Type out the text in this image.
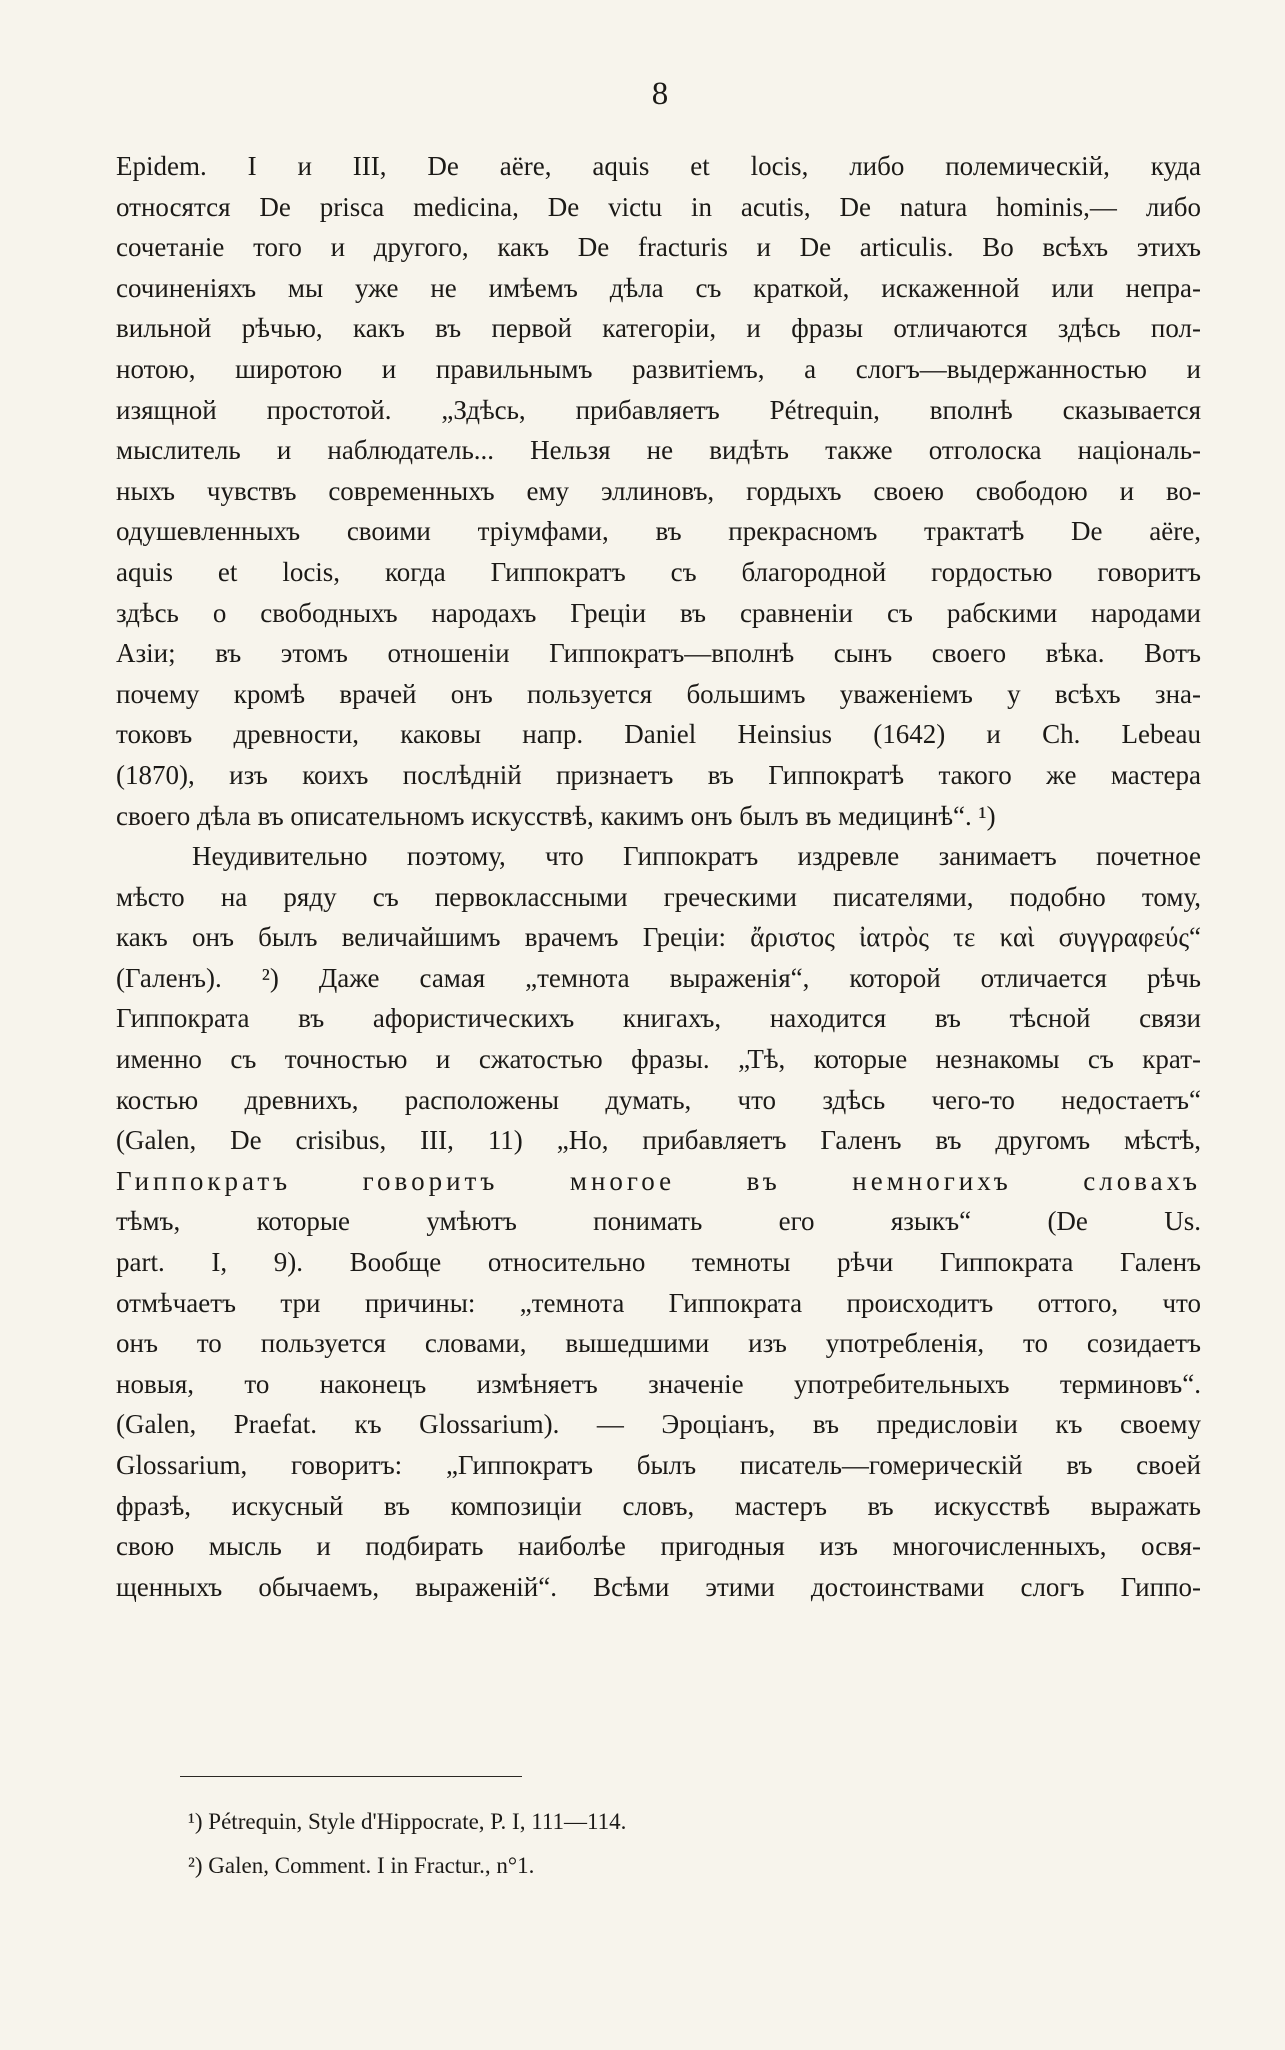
8
Epidem. I и III, De aëre, aquis et locis, либо полемическій, куда
относятся De prisca medicina, De victu in acutis, De natura hominis,— либо
сочетаніе того и другого, какъ De fracturis и De articulis. Во всѣхъ этихъ
сочиненіяхъ мы уже не имѣемъ дѣла съ краткой, искаженной или непра-
вильной рѣчью, какъ въ первой категоріи, и фразы отличаются здѣсь пол-
нотою, широтою и правильнымъ развитіемъ, а слогъ—выдержанностью и
изящной простотой. „Здѣсь, прибавляетъ Pétrequin, вполнѣ сказывается
мыслитель и наблюдатель... Нельзя не видѣть также отголоска національ-
ныхъ чувствъ современныхъ ему эллиновъ, гордыхъ своею свободою и во-
одушевленныхъ своими тріумфами, въ прекрасномъ трактатѣ De aëre,
aquis et locis, когда Гиппократъ съ благородной гордостью говоритъ
здѣсь о свободныхъ народахъ Греціи въ сравненіи съ рабскими народами
Азіи; въ этомъ отношеніи Гиппократъ—вполнѣ сынъ своего вѣка. Вотъ
почему кромѣ врачей онъ пользуется большимъ уваженіемъ у всѣхъ зна-
токовъ древности, каковы напр. Daniel Heinsius (1642) и Ch. Lebeau
(1870), изъ коихъ послѣдній признаетъ въ Гиппократѣ такого же мастера
своего дѣла въ описательномъ искусствѣ, какимъ онъ былъ въ медицинѣ“. ¹)
Неудивительно поэтому, что Гиппократъ издревле занимаетъ почетное
мѣсто на ряду съ первоклассными греческими писателями, подобно тому,
какъ онъ былъ величайшимъ врачемъ Греціи: ἄριστος ἰατρὸς τε καὶ συγγραφεύς“
(Галенъ). ²) Даже самая „темнота выраженія“, которой отличается рѣчь
Гиппократа въ афористическихъ книгахъ, находится въ тѣсной связи
именно съ точностью и сжатостью фразы. „Тѣ, которые незнакомы съ крат-
костью древнихъ, расположены думать, что здѣсь чего-то недостаетъ“
(Galen, De crisibus, III, 11) „Но, прибавляетъ Галенъ въ другомъ мѣстѣ,
Гиппократъ говоритъ многое въ немногихъ словахъ
тѣмъ, которые умѣютъ понимать его языкъ“ (De Us.
part. I, 9). Вообще относительно темноты рѣчи Гиппократа Галенъ
отмѣчаетъ три причины: „темнота Гиппократа происходитъ оттого, что
онъ то пользуется словами, вышедшими изъ употребленія, то созидаетъ
новыя, то наконецъ измѣняетъ значеніе употребительныхъ терминовъ“.
(Galen, Praefat. къ Glossarium). — Эроціанъ, въ предисловіи къ своему
Glossarium, говоритъ: „Гиппократъ былъ писатель—гомерическій въ своей
фразѣ, искусный въ композиціи словъ, мастеръ въ искусствѣ выражать
свою мысль и подбирать наиболѣе пригодныя изъ многочисленныхъ, освя-
щенныхъ обычаемъ, выраженій“. Всѣми этими достоинствами слогъ Гиппо-
¹) Pétrequin, Style d'Hippocrate, P. I, 111—114.
²) Galen, Comment. I in Fractur., n°1.
